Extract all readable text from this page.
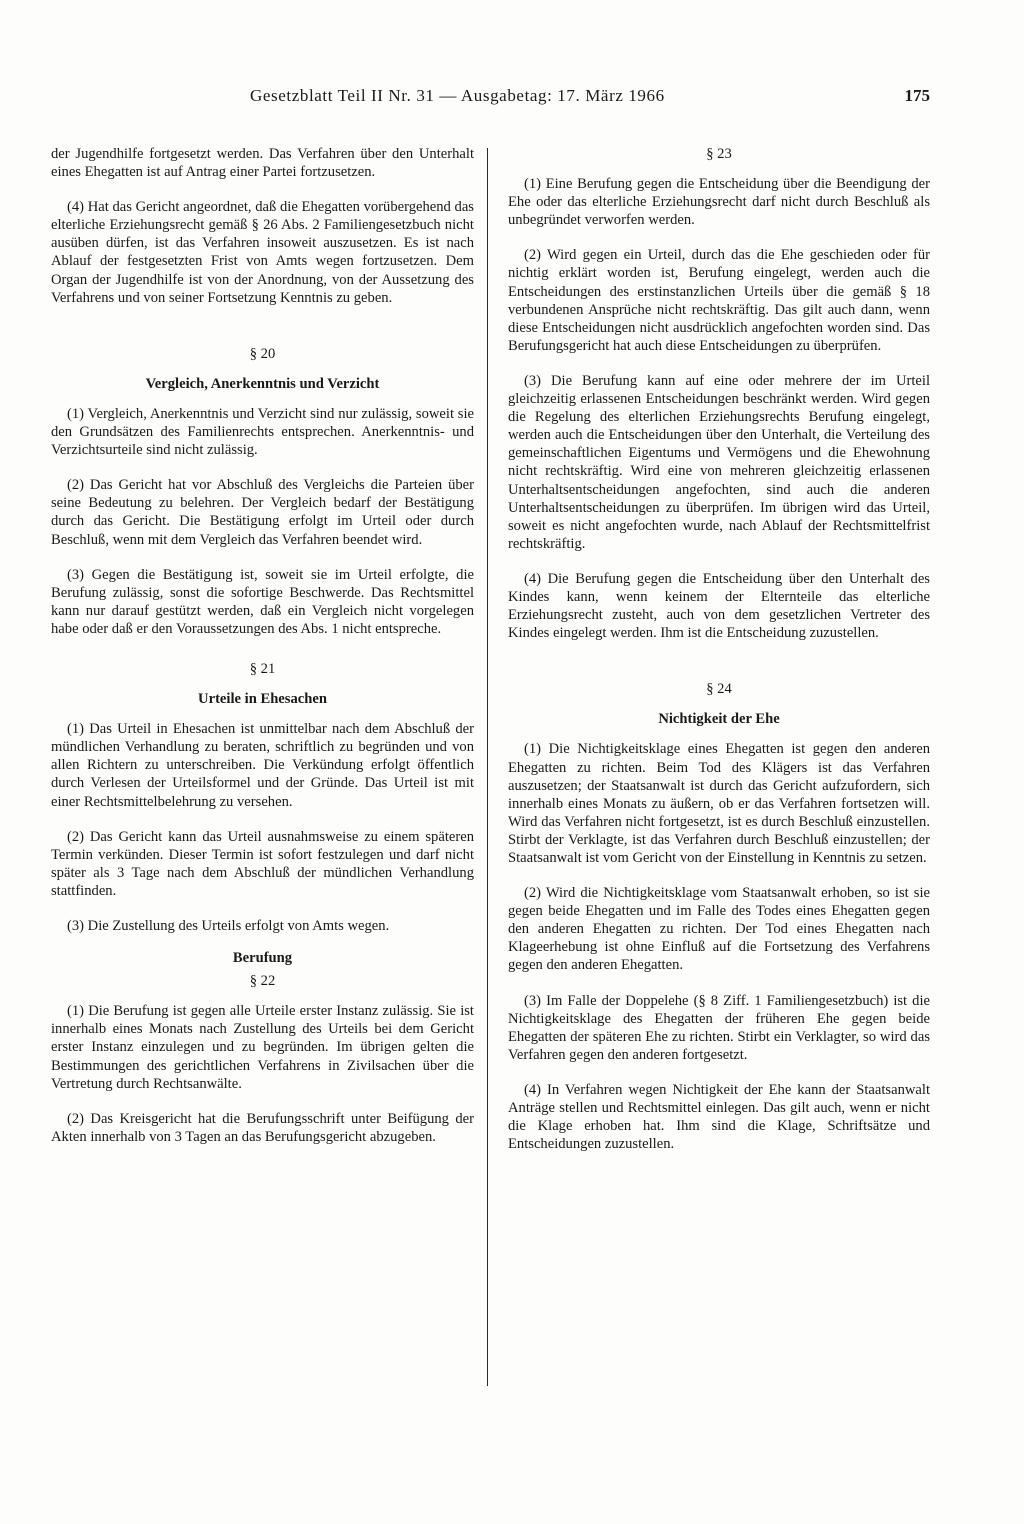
Gesetzblatt Teil II Nr. 31 — Ausgabetag: 17. März 1966	175

der Jugendhilfe fortgesetzt werden. Das Verfahren über den Unterhalt eines Ehegatten ist auf Antrag einer Partei fortzusetzen.

(4) Hat das Gericht angeordnet, daß die Ehegatten vorübergehend das elterliche Erziehungsrecht gemäß § 26 Abs. 2 Familiengesetzbuch nicht ausüben dürfen, ist das Verfahren insoweit auszusetzen. Es ist nach Ablauf der festgesetzten Frist von Amts wegen fortzusetzen. Dem Organ der Jugendhilfe ist von der Anordnung, von der Aussetzung des Verfahrens und von seiner Fortsetzung Kenntnis zu geben.

§ 20
Vergleich, Anerkenntnis und Verzicht

(1) Vergleich, Anerkenntnis und Verzicht sind nur zulässig, soweit sie den Grundsätzen des Familienrechts entsprechen. Anerkenntnis- und Verzichtsurteile sind nicht zulässig.

(2) Das Gericht hat vor Abschluß des Vergleichs die Parteien über seine Bedeutung zu belehren. Der Vergleich bedarf der Bestätigung durch das Gericht. Die Bestätigung erfolgt im Urteil oder durch Beschluß, wenn mit dem Vergleich das Verfahren beendet wird.

(3) Gegen die Bestätigung ist, soweit sie im Urteil erfolgte, die Berufung zulässig, sonst die sofortige Beschwerde. Das Rechtsmittel kann nur darauf gestützt werden, daß ein Vergleich nicht vorgelegen habe oder daß er den Voraussetzungen des Abs. 1 nicht entspreche.

§ 21
Urteile in Ehesachen

(1) Das Urteil in Ehesachen ist unmittelbar nach dem Abschluß der mündlichen Verhandlung zu beraten, schriftlich zu begründen und von allen Richtern zu unterschreiben. Die Verkündung erfolgt öffentlich durch Verlesen der Urteilsformel und der Gründe. Das Urteil ist mit einer Rechtsmittelbelehrung zu versehen.

(2) Das Gericht kann das Urteil ausnahmsweise zu einem späteren Termin verkünden. Dieser Termin ist sofort festzulegen und darf nicht später als 3 Tage nach dem Abschluß der mündlichen Verhandlung stattfinden.

(3) Die Zustellung des Urteils erfolgt von Amts wegen.

Berufung
§ 22

(1) Die Berufung ist gegen alle Urteile erster Instanz zulässig. Sie ist innerhalb eines Monats nach Zustellung des Urteils bei dem Gericht erster Instanz einzulegen und zu begründen. Im übrigen gelten die Bestimmungen des gerichtlichen Verfahrens in Zivilsachen über die Vertretung durch Rechtsanwälte.

(2) Das Kreisgericht hat die Berufungsschrift unter Beifügung der Akten innerhalb von 3 Tagen an das Berufungsgericht abzugeben.

§ 23

(1) Eine Berufung gegen die Entscheidung über die Beendigung der Ehe oder das elterliche Erziehungsrecht darf nicht durch Beschluß als unbegründet verworfen werden.

(2) Wird gegen ein Urteil, durch das die Ehe geschieden oder für nichtig erklärt worden ist, Berufung eingelegt, werden auch die Entscheidungen des erstinstanzlichen Urteils über die gemäß § 18 verbundenen Ansprüche nicht rechtskräftig. Das gilt auch dann, wenn diese Entscheidungen nicht ausdrücklich angefochten worden sind. Das Berufungsgericht hat auch diese Entscheidungen zu überprüfen.

(3) Die Berufung kann auf eine oder mehrere der im Urteil gleichzeitig erlassenen Entscheidungen beschränkt werden. Wird gegen die Regelung des elterlichen Erziehungsrechts Berufung eingelegt, werden auch die Entscheidungen über den Unterhalt, die Verteilung des gemeinschaftlichen Eigentums und Vermögens und die Ehewohnung nicht rechtskräftig. Wird eine von mehreren gleichzeitig erlassenen Unterhaltsentscheidungen angefochten, sind auch die anderen Unterhaltsentscheidungen zu überprüfen. Im übrigen wird das Urteil, soweit es nicht angefochten wurde, nach Ablauf der Rechtsmittelfrist rechtskräftig.

(4) Die Berufung gegen die Entscheidung über den Unterhalt des Kindes kann, wenn keinem der Elternteile das elterliche Erziehungsrecht zusteht, auch von dem gesetzlichen Vertreter des Kindes eingelegt werden. Ihm ist die Entscheidung zuzustellen.

§ 24
Nichtigkeit der Ehe

(1) Die Nichtigkeitsklage eines Ehegatten ist gegen den anderen Ehegatten zu richten. Beim Tod des Klägers ist das Verfahren auszusetzen; der Staatsanwalt ist durch das Gericht aufzufordern, sich innerhalb eines Monats zu äußern, ob er das Verfahren fortsetzen will. Wird das Verfahren nicht fortgesetzt, ist es durch Beschluß einzustellen. Stirbt der Verklagte, ist das Verfahren durch Beschluß einzustellen; der Staatsanwalt ist vom Gericht von der Einstellung in Kenntnis zu setzen.

(2) Wird die Nichtigkeitsklage vom Staatsanwalt erhoben, so ist sie gegen beide Ehegatten und im Falle des Todes eines Ehegatten gegen den anderen Ehegatten zu richten. Der Tod eines Ehegatten nach Klageerhebung ist ohne Einfluß auf die Fortsetzung des Verfahrens gegen den anderen Ehegatten.

(3) Im Falle der Doppelehe (§ 8 Ziff. 1 Familiengesetzbuch) ist die Nichtigkeitsklage des Ehegatten der früheren Ehe gegen beide Ehegatten der späteren Ehe zu richten. Stirbt ein Verklagter, so wird das Verfahren gegen den anderen fortgesetzt.

(4) In Verfahren wegen Nichtigkeit der Ehe kann der Staatsanwalt Anträge stellen und Rechtsmittel einlegen. Das gilt auch, wenn er nicht die Klage erhoben hat. Ihm sind die Klage, Schriftsätze und Entscheidungen zuzustellen.
